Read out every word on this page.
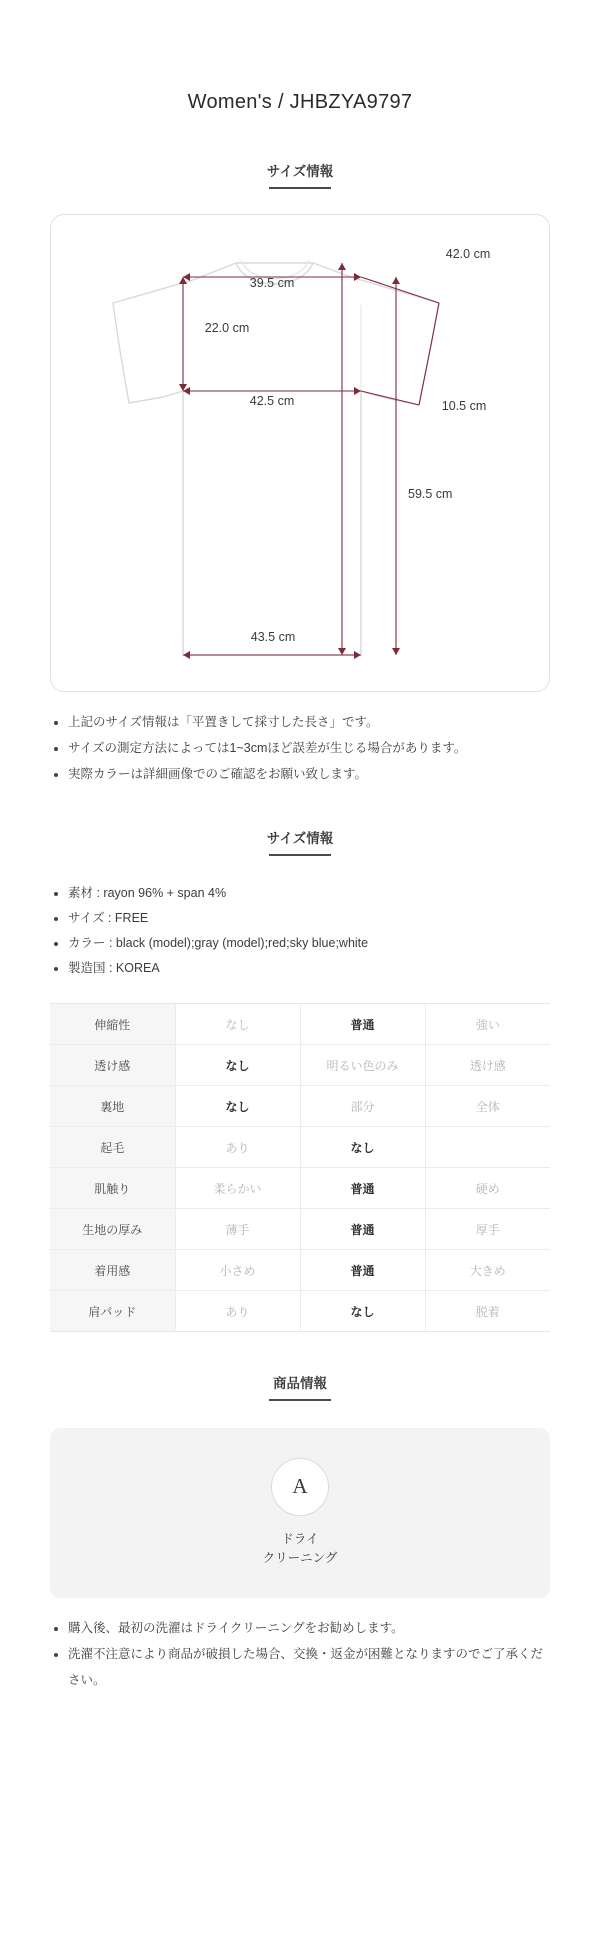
Women's / JHBZYA9797
サイズ情報
39.5 cm
42.0 cm
22.0 cm
42.5 cm	10.5 cm
59.5 cm
43.5 cm
上記のサイズ情報は「平置きして採寸した長さ」です。
サイズの測定方法によっては1~3cmほど誤差が生じる場合があります。
実際カラーは詳細画像でのご確認をお願い致します。
サイズ情報
素材 : rayon 96% + span 4%
サイズ : FREE
カラー : black (model);gray (model);red;sky blue;white
製造国 : KOREA
伸縮性	なし	普通	強い
透け感	なし	明るい色のみ	透け感
裏地	なし	部分	全体
起毛	あり	なし	
肌触り	柔らかい	普通	硬め
生地の厚み	薄手	普通	厚手
着用感	小さめ	普通	大きめ
肩パッド	あり	なし	脱着
商品情報
A
ドライ
クリーニング
購入後、最初の洗濯はドライクリーニングをお勧めします。
洗濯不注意により商品が破損した場合、交換・返金が困難となりますのでご了承ください。
